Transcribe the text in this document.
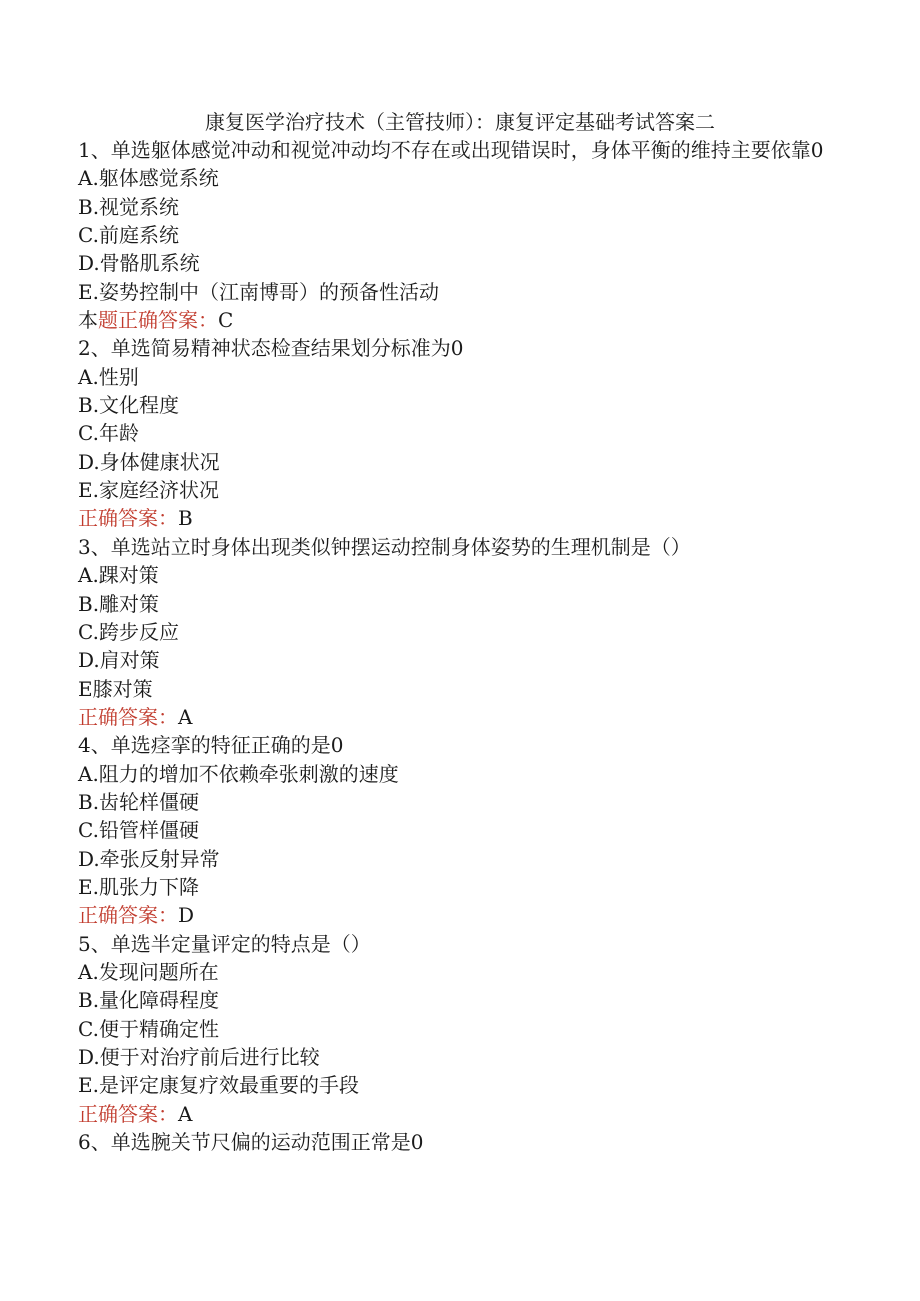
康复医学治疗技术（主管技师）：康复评定基础考试答案二
1、单选躯体感觉冲动和视觉冲动均不存在或出现错误时，身体平衡的维持主要依靠0
A.躯体感觉系统
B.视觉系统
C.前庭系统
D.骨骼肌系统
E.姿势控制中（江南博哥）的预备性活动
本题正确答案：C
2、单选简易精神状态检查结果划分标准为0
A.性别
B.文化程度
C.年龄
D.身体健康状况
E.家庭经济状况
正确答案：B
3、单选站立时身体出现类似钟摆运动控制身体姿势的生理机制是（）
A.踝对策
B.雕对策
C.跨步反应
D.肩对策
E膝对策
正确答案：A
4、单选痉挛的特征正确的是0
A.阻力的增加不依赖牵张刺激的速度
B.齿轮样僵硬
C.铅管样僵硬
D.牵张反射异常
E.肌张力下降
正确答案：D
5、单选半定量评定的特点是（）
A.发现问题所在
B.量化障碍程度
C.便于精确定性
D.便于对治疗前后进行比较
E.是评定康复疗效最重要的手段
正确答案：A
6、单选腕关节尺偏的运动范围正常是0
